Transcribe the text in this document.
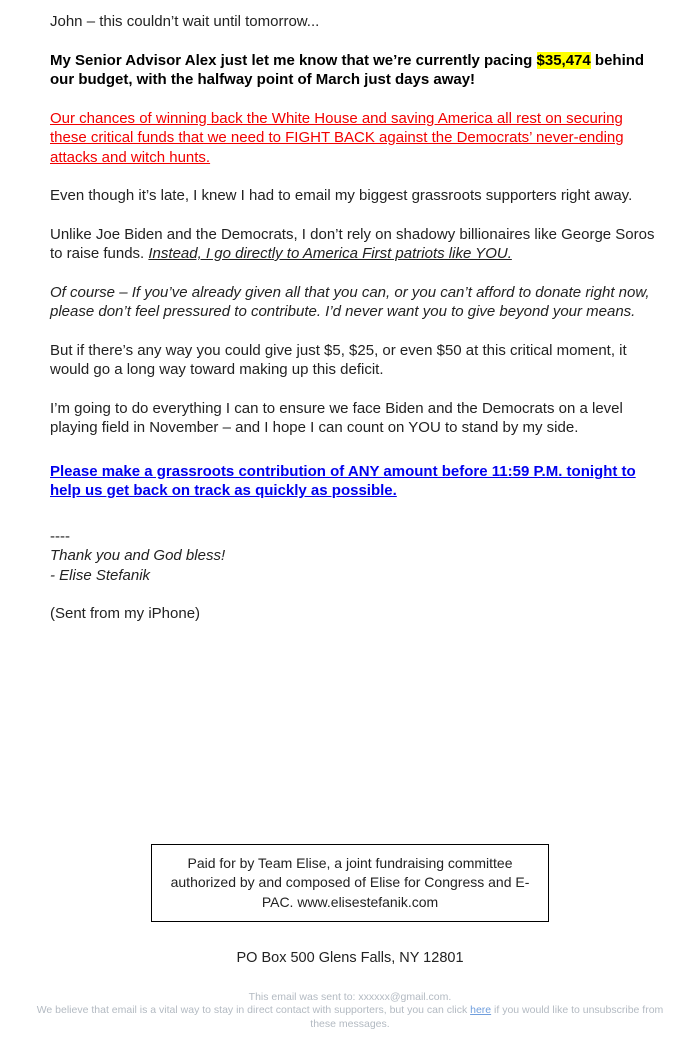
John – this couldn’t wait until tomorrow...

My Senior Advisor Alex just let me know that we’re currently pacing $35,474 behind our budget, with the halfway point of March just days away!

Our chances of winning back the White House and saving America all rest on securing these critical funds that we need to FIGHT BACK against the Democrats’ never-ending attacks and witch hunts.

Even though it’s late, I knew I had to email my biggest grassroots supporters right away.

Unlike Joe Biden and the Democrats, I don’t rely on shadowy billionaires like George Soros to raise funds. Instead, I go directly to America First patriots like YOU.

Of course – If you’ve already given all that you can, or you can’t afford to donate right now, please don’t feel pressured to contribute. I’d never want you to give beyond your means.

But if there’s any way you could give just $5, $25, or even $50 at this critical moment, it would go a long way toward making up this deficit.

I’m going to do everything I can to ensure we face Biden and the Democrats on a level playing field in November – and I hope I can count on YOU to stand by my side.

Please make a grassroots contribution of ANY amount before 11:59 P.M. tonight to help us get back on track as quickly as possible.

----
Thank you and God bless!
- Elise Stefanik

(Sent from my iPhone)

Paid for by Team Elise, a joint fundraising committee authorized by and composed of Elise for Congress and E-PAC. www.elisestefanik.com
PO Box 500 Glens Falls, NY 12801
This email was sent to: xxxxxx@gmail.com.
We believe that email is a vital way to stay in direct contact with supporters, but you can click here if you would like to unsubscribe from these messages.
